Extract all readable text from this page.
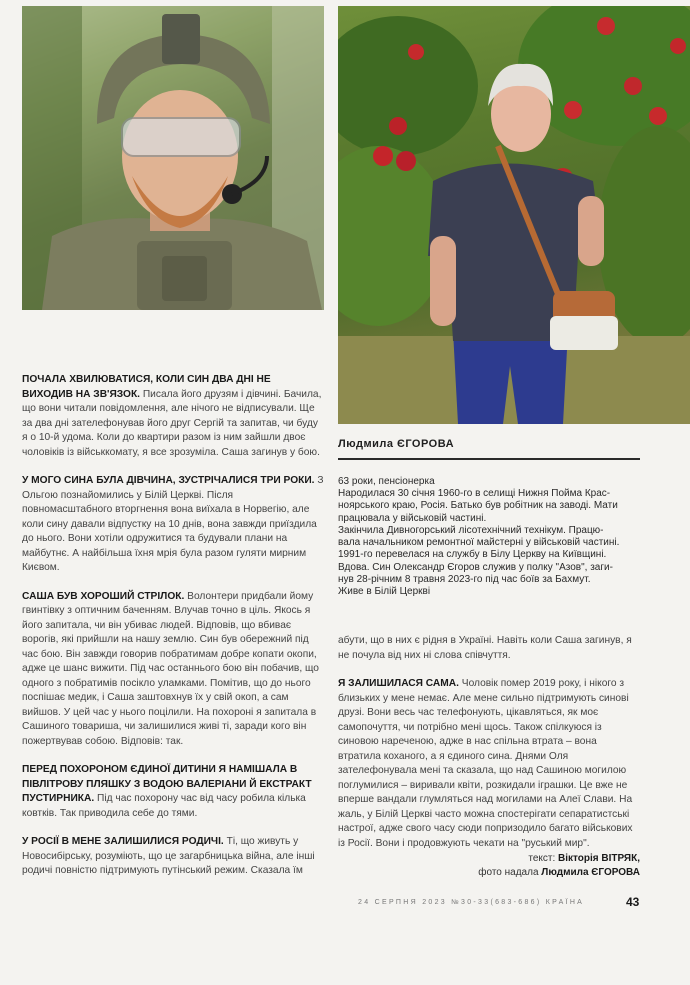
Людмила ЄГОРОВА
63 роки, пенсіонерка

Народилася 30 січня 1960-го в селищі Нижня Пойма Крас-

ноярського краю, Росія. Батько був робітник на заводі. Мати

працювала у військовій частині.

Закінчила Дивногорський лісотехнічний технікум. Працю-

вала начальником ремонтної майстерні у військовій частині.

1991-го перевелася на службу в Білу Церкву на Київщині.

Вдова. Син Олександр Єгоров служив у полку "Азов", заги-

нув 28-річним 8 травня 2023-го під час боїв за Бахмут.

Живе в Білій Церкві

ПОЧАЛА ХВИЛЮВАТИСЯ, КОЛИ СИН ДВА ДНІ НЕ ВИХОДИВ НА ЗВ'ЯЗОК. Писала його друзям і дівчині. Бачила, що вони читали повідомлення, але нічого не відписували. Ще за два дні зателефонував його друг Сергій та запитав, чи буду я о 10-й удома. Коли до квартири разом із ним зайшли двоє чоловіків із військкомату, я все зрозуміла. Саша загинув у бою.

У МОГО СИНА БУЛА ДІВЧИНА, ЗУСТРІЧАЛИСЯ ТРИ РОКИ. З Ольгою познайомились у Білій Церкві. Після повномасштабного вторгнення вона виїхала в Норвегію, але коли сину давали відпустку на 10 днів, вона завжди приїздила до нього. Вони хотіли одружитися та будували плани на майбутнє. А найбільша їхня мрія була разом гуляти мирним Києвом.

САША БУВ ХОРОШИЙ СТРІЛОК. Волонтери придбали йому гвинтівку з оптичним баченням. Влучав точно в ціль. Якось я його запитала, чи він убиває людей. Відповів, що вбиває ворогів, які прийшли на нашу землю. Син був обережний під час бою. Він завжди говорив побратимам добре копати окопи, адже це шанс вижити. Під час останнього бою він побачив, що одного з побратимів посікло уламками. Помітив, що до нього поспішає медик, і Саша заштовхнув їх у свій окоп, а сам вийшов. У цей час у нього поцілили. На похороні я запитала в Сашиного товариша, чи залишилися живі ті, заради кого він пожертвував собою. Відповів: так.

ПЕРЕД ПОХОРОНОМ ЄДИНОЇ ДИТИНИ Я НАМІШАЛА В ПІВЛІТРОВУ ПЛЯШКУ З ВОДОЮ ВАЛЕРІАНИ Й ЕКСТРАКТ ПУСТИРНИКА. Під час похорону час від часу робила кілька ковтків. Так приводила себе до тями.

У РОСІЇ В МЕНЕ ЗАЛИШИЛИСЯ РОДИЧІ. Ті, що живуть у Новосибірську, розуміють, що це загарбницька війна, але інші родичі повністю підтримують путінський режим. Сказала їм

абути, що в них є рідня в Україні. Навіть коли Саша загинув, я не почула від них ні слова співчуття.

Я ЗАЛИШИЛАСЯ САМА. Чоловік помер 2019 року, і нікого з близьких у мене немає. Але мене сильно підтримують синові друзі. Вони весь час телефонують, цікавляться, як моє самопочуття, чи потрібно мені щось. Також спілкуюся із синовою нареченою, адже в нас спільна втрата – вона втратила коханого, а я єдиного сина. Днями Оля зателефонувала мені та сказала, що над Сашиною могилою поглумилися – виривали квіти, розкидали іграшки. Це вже не вперше вандали глумляться над могилами на Алеї Слави. На жаль, у Білій Церкві часто можна спостерігати сепаратистські настрої, адже свого часу сюди попризодило багато військових із Росії. Вони і продовжують чекати на "руський мир".

текст: Вікторія ВІТРЯК,
фото надала Людмила ЄГОРОВА
24 СЕРПНЯ 2023 №30-33(683-686) КРАЇНА	43
